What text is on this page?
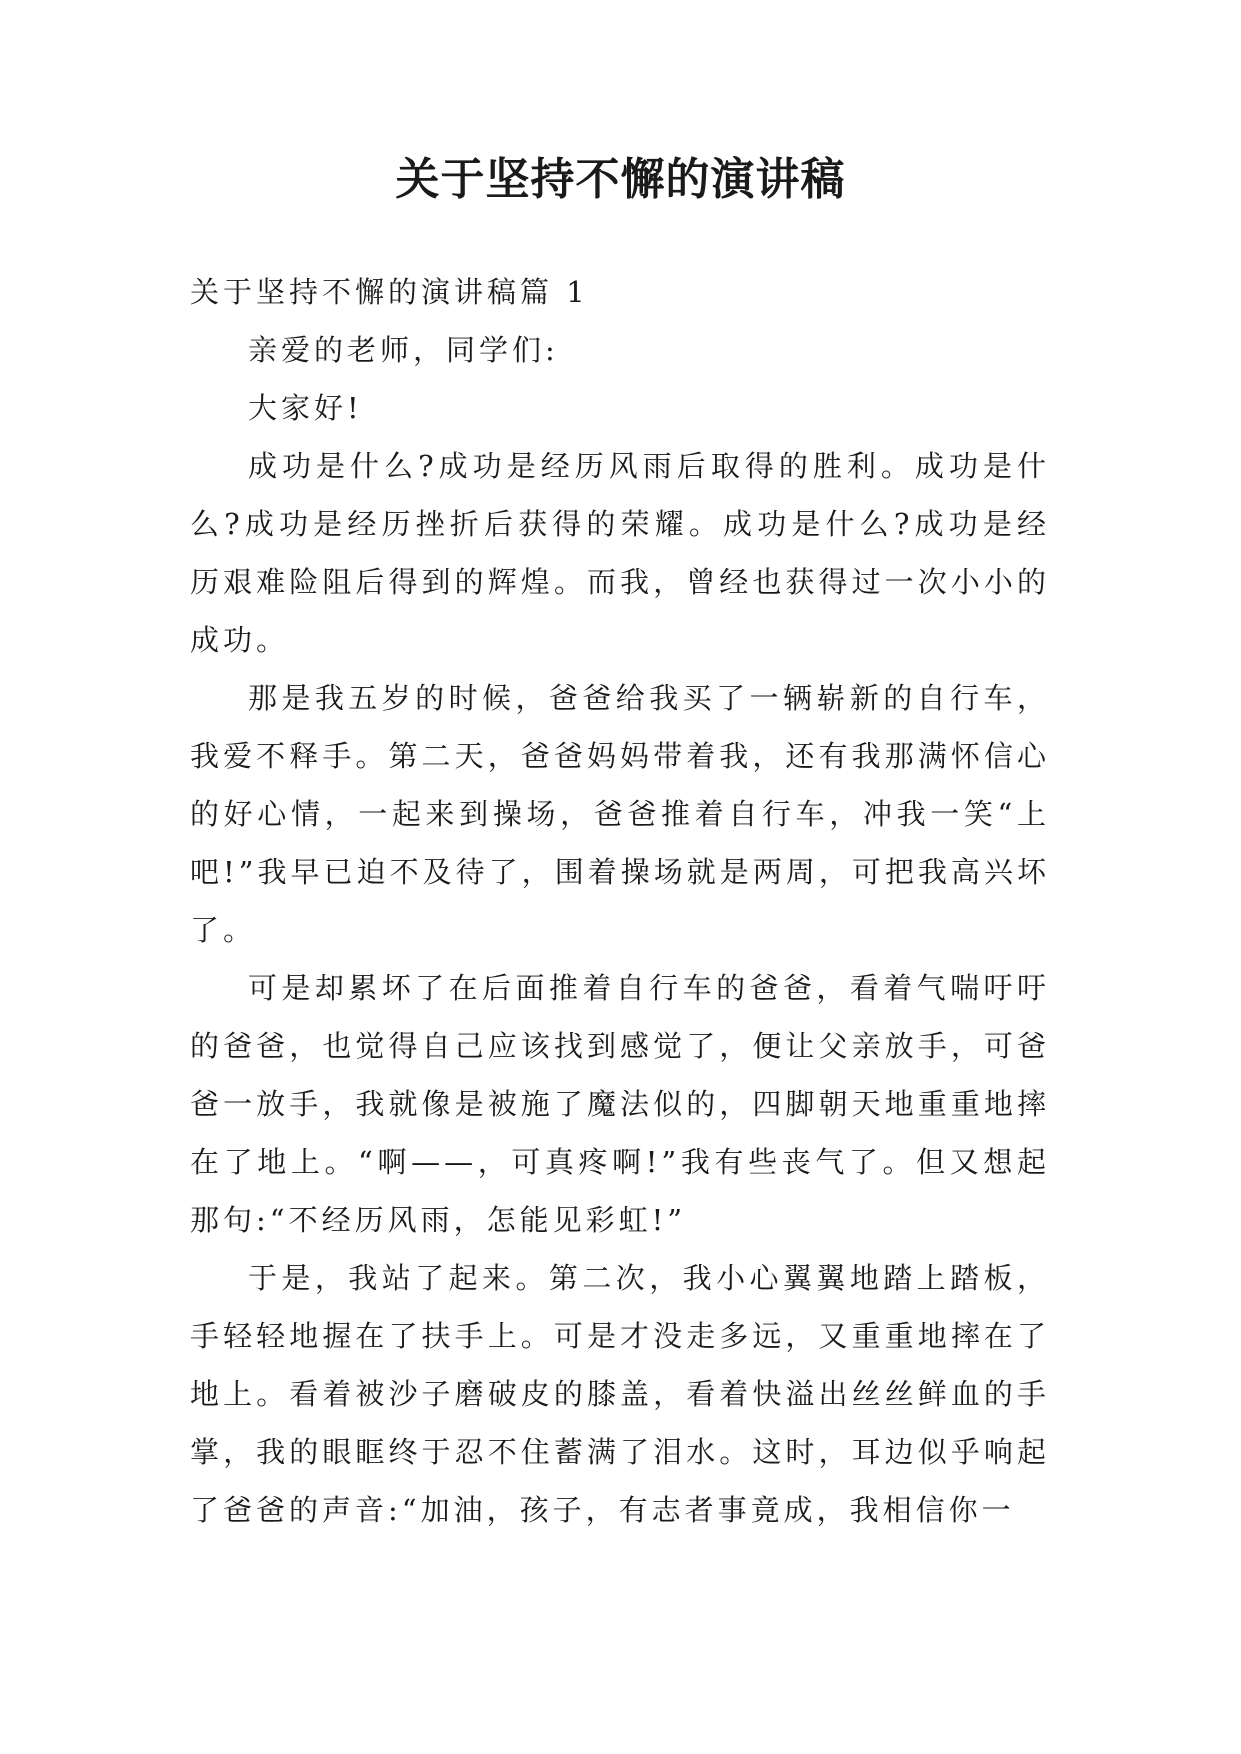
关于坚持不懈的演讲稿

关于坚持不懈的演讲稿篇 1

亲爱的老师，同学们:

大家好!

成功是什么?成功是经历风雨后取得的胜利。成功是什么?成功是经历挫折后获得的荣耀。成功是什么?成功是经历艰难险阻后得到的辉煌。而我，曾经也获得过一次小小的成功。

那是我五岁的时候，爸爸给我买了一辆崭新的自行车，我爱不释手。第二天，爸爸妈妈带着我，还有我那满怀信心的好心情，一起来到操场，爸爸推着自行车，冲我一笑“上吧!”我早已迫不及待了，围着操场就是两周，可把我高兴坏了。

可是却累坏了在后面推着自行车的爸爸，看着气喘吁吁的爸爸，也觉得自己应该找到感觉了，便让父亲放手，可爸爸一放手，我就像是被施了魔法似的，四脚朝天地重重地摔在了地上。“啊——，可真疼啊!”我有些丧气了。但又想起那句:“不经历风雨，怎能见彩虹!”

于是，我站了起来。第二次，我小心翼翼地踏上踏板，手轻轻地握在了扶手上。可是才没走多远，又重重地摔在了地上。看着被沙子磨破皮的膝盖，看着快溢出丝丝鲜血的手掌，我的眼眶终于忍不住蓄满了泪水。这时，耳边似乎响起了爸爸的声音:“加油，孩子，有志者事竟成，我相信你一
